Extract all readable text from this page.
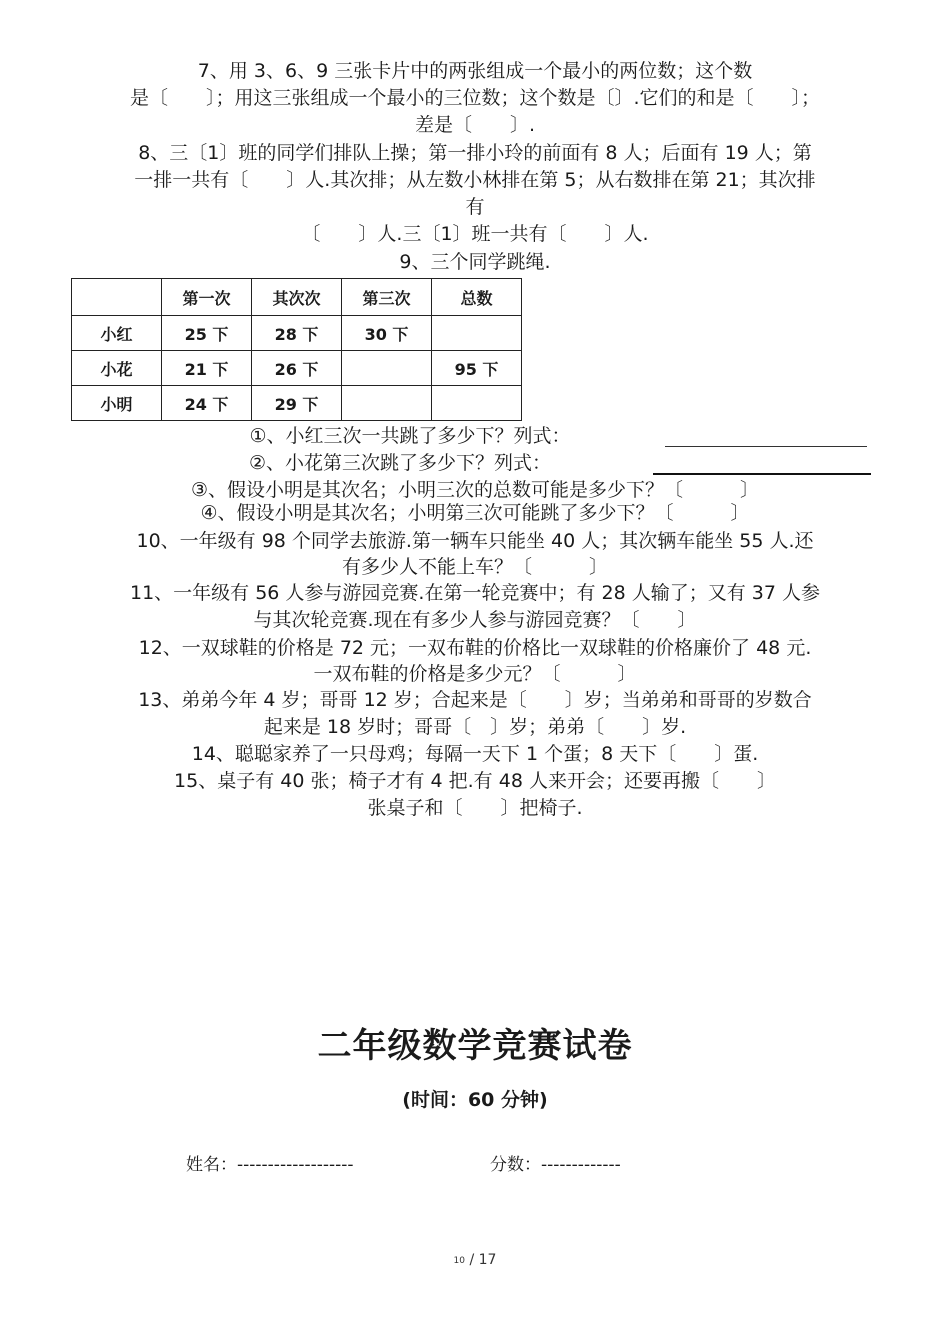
7、用 3、6、9 三张卡片中的两张组成一个最小的两位数；这个数
是〔　　〕；用这三张组成一个最小的三位数；这个数是〔〕.它们的和是〔　　〕；
差是〔　　〕.
8、三〔1〕班的同学们排队上操；第一排小玲的前面有 8 人；后面有 19 人；第
一排一共有〔　　〕人.其次排；从左数小林排在第 5；从右数排在第 21；其次排
有
〔　　〕人.三〔1〕班一共有〔　　〕人.
9、三个同学跳绳.
	第一次	其次次	第三次	总数
小红	25 下	28 下	30 下	
小花	21 下	26 下		95 下
小明	24 下	29 下		
①、小红三次一共跳了多少下？列式：
②、小花第三次跳了多少下？列式：
③、假设小明是其次名；小明三次的总数可能是多少下？〔　　　〕
④、假设小明是其次名；小明第三次可能跳了多少下？〔　　　〕
10、一年级有 98 个同学去旅游.第一辆车只能坐 40 人；其次辆车能坐 55 人.还
有多少人不能上车？〔　　　〕
11、一年级有 56 人参与游园竞赛.在第一轮竞赛中；有 28 人输了；又有 37 人参
与其次轮竞赛.现在有多少人参与游园竞赛？〔　　〕
12、一双球鞋的价格是 72 元；一双布鞋的价格比一双球鞋的价格廉价了 48 元.
一双布鞋的价格是多少元？〔　　　〕
13、弟弟今年 4 岁；哥哥 12 岁；合起来是〔　　〕岁；当弟弟和哥哥的岁数合
起来是 18 岁时；哥哥〔　〕岁；弟弟〔　　〕岁.
14、聪聪家养了一只母鸡；每隔一天下 1 个蛋；8 天下〔　　〕蛋.
15、桌子有 40 张；椅子才有 4 把.有 48 人来开会；还要再搬〔　　〕
张桌子和〔　　〕把椅子.
二年级数学竞赛试卷
(时间：60 分钟)
姓名：-------------------	分数：-------------
10 / 17
